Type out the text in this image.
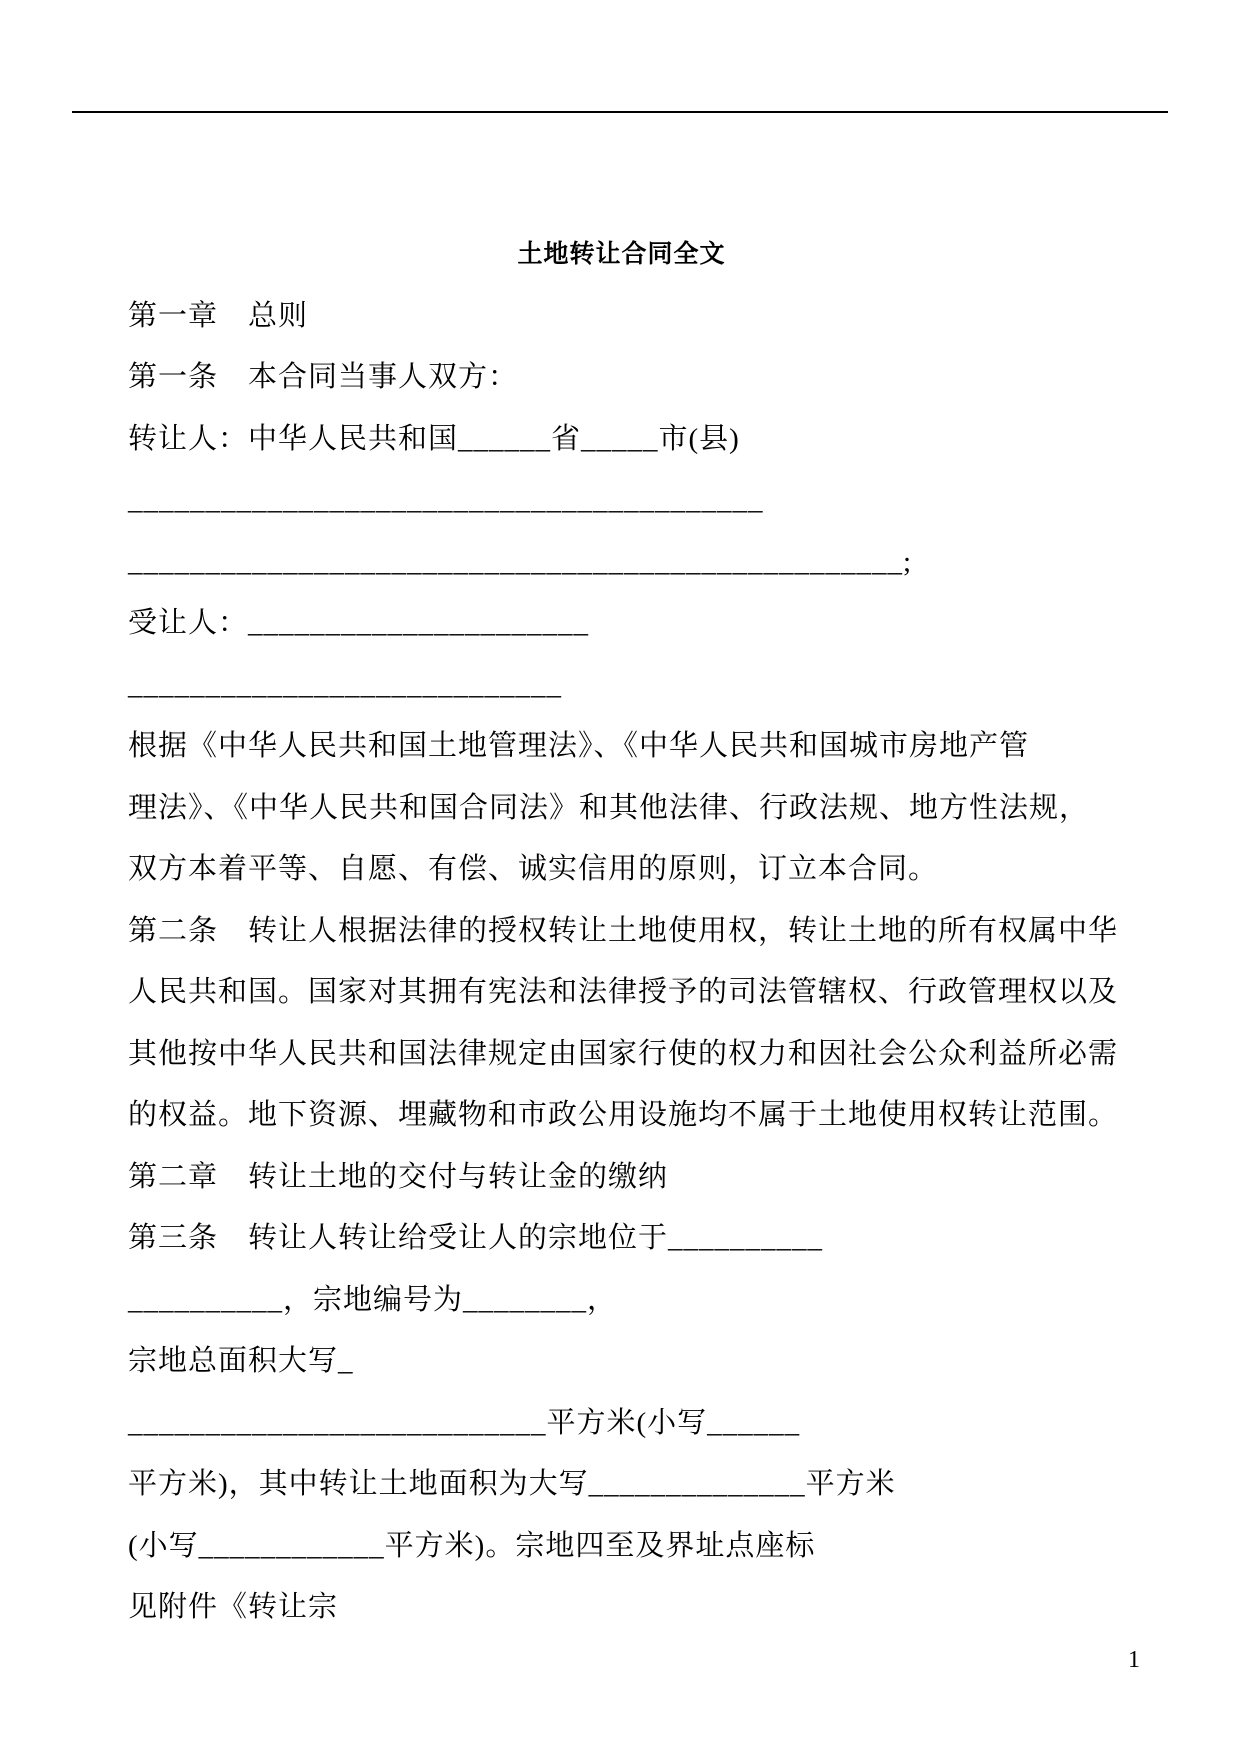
土地转让合同全文
第一章　总则
第一条　本合同当事人双方：
转让人：中华人民共和国______省_____市(县)
_________________________________________
__________________________________________________;
受让人：______________________
____________________________
根据《中华人民共和国土地管理法》、《中华人民共和国城市房地产管
理法》、《中华人民共和国合同法》和其他法律、行政法规、地方性法规，
双方本着平等、自愿、有偿、诚实信用的原则，订立本合同。
第二条　转让人根据法律的授权转让土地使用权，转让土地的所有权属中华
人民共和国。国家对其拥有宪法和法律授予的司法管辖权、行政管理权以及
其他按中华人民共和国法律规定由国家行使的权力和因社会公众利益所必需
的权益。地下资源、埋藏物和市政公用设施均不属于土地使用权转让范围。
第二章　转让土地的交付与转让金的缴纳
第三条　转让人转让给受让人的宗地位于__________
__________，宗地编号为________，
宗地总面积大写_
___________________________平方米(小写______
平方米)，其中转让土地面积为大写______________平方米
(小写____________平方米)。宗地四至及界址点座标
见附件《转让宗
1
